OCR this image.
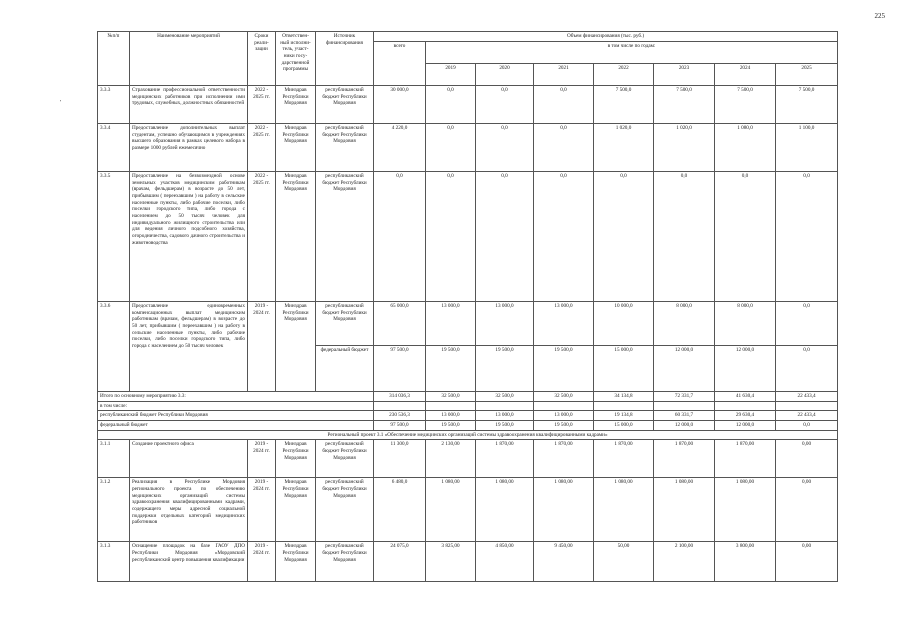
225
'
№п/п	Наименование мероприятий	Сроки реали-зации	Ответствен-ный исполни-тель, участ-ники госу-дарственной программы	Источник финансирования	Объем финансирования (тыс. руб.)							
					всего	в том числе по годам:						
						2019	2020	2021	2022	2023	2024	2025
3.3.3	Страхование профессиональной ответственности медицинских работников при исполнении ими трудовых, служебных, должностных обязанностей	2022 - 2025 гг.	Минздрав Республики Мордовия	республиканский бюджет Республики Мордовия	30 000,0	0,0	0,0	0,0	7 500,0	7 500,0	7 500,0	7 500,0
3.3.4	Предоставление дополнительных выплат студентам, успешно обучающимся в учреждениях высшего образования в рамках целевого набора в размере 1000 рублей ежемесячно	2022 - 2025 гг.	Минздрав Республики Мордовия	республиканский бюджет Республики Мордовия	4 220,0	0,0	0,0	0,0	1 020,0	1 020,0	1 080,0	1 100,0
3.3.5	Предоставление на безвозмездной основе земельных участков медицинским работникам (врачам, фельдшерам) в возрасте до 50 лет, прибывшим ( переехавшим ) на работу в сельские населенные пункты, либо рабочие поселки, либо поселки городского типа, либо города с населением до 50 тысяч человек для индивидуального жилищного строительства или для ведения личного подсобного хозяйства, огородничества, садового дачного строительства и животноводства	2022 - 2025 гг.	Минздрав Республики Мордовия	республиканский бюджет Республики Мордовия	0,0	0,0	0,0	0,0	0,0	0,0	0,0	0,0
3.3.6	Предоставление единовременных компенсационных выплат медицинским работникам (врачам, фельдшерам) в возрасте до 50 лет, прибывшим ( переехавшим ) на работу в сельские населенные пункты, либо рабочие поселки, либо поселки городского типа, либо города с населением до 50 тысяч человек	2019 - 2024 гг.	Минздрав Республики Мордовия	республиканский бюджет Республики Мордовия	65 000,0	13 000,0	13 000,0	13 000,0	10 000,0	8 000,0	8 000,0	0,0
				федеральный бюджет	97 500,0	19 500,0	19 500,0	19 500,0	15 000,0	12 000,0	12 000,0	0,0
Итого по основному мероприятию 3.3:					314 036,3	32 500,0	32 500,0	32 500,0	34 134,8	72 331,7	41 630,4	22 433,4
в том числе:												
республиканский бюджет Республики Мордовия					230 536,3	13 000,0	13 000,0	13 000,0	19 134,8	60 331,7	29 630,4	22 433,4
федеральный бюджет					97 500,0	19 500,0	19 500,0	19 500,0	15 000,0	12 000,0	12 000,0	0,0
Региональный проект 3.1 «Обеспечение медицинских организаций системы здравоохранения квалифицированными кадрами»												
3.1.1	Создание проектного офиса	2019 - 2024 гг.	Минздрав Республики Мордовия	республиканский бюджет Республики Мордовия	11 300,0	2 130,00	1 870,00	1 870,00	1 870,00	1 870,00	1 870,00	0,00
3.1.2	Реализация в Республике Мордовия регионального проекта по обеспечению медицинских организаций системы здравоохранения квалифицированными кадрами, содержащего меры адресной социальной поддержки отдельных категорий медицинских работников	2019 - 2024 гг.	Минздрав Республики Мордовия	республиканский бюджет Республики Мордовия	6 480,0	1 080,00	1 080,00	1 080,00	1 080,00	1 080,00	1 080,00	0,00
3.1.3	Оснащение площадок на базе ГАОУ ДПО Республики Мордовия «Мордовский республиканский центр повышения квалификации	2019 - 2024 гг.	Минздрав Республики Мордовия	республиканский бюджет Республики Мордовия	24 075,0	3 825,00	4 850,00	9 450,00	50,00	2 100,00	3 800,00	0,00
